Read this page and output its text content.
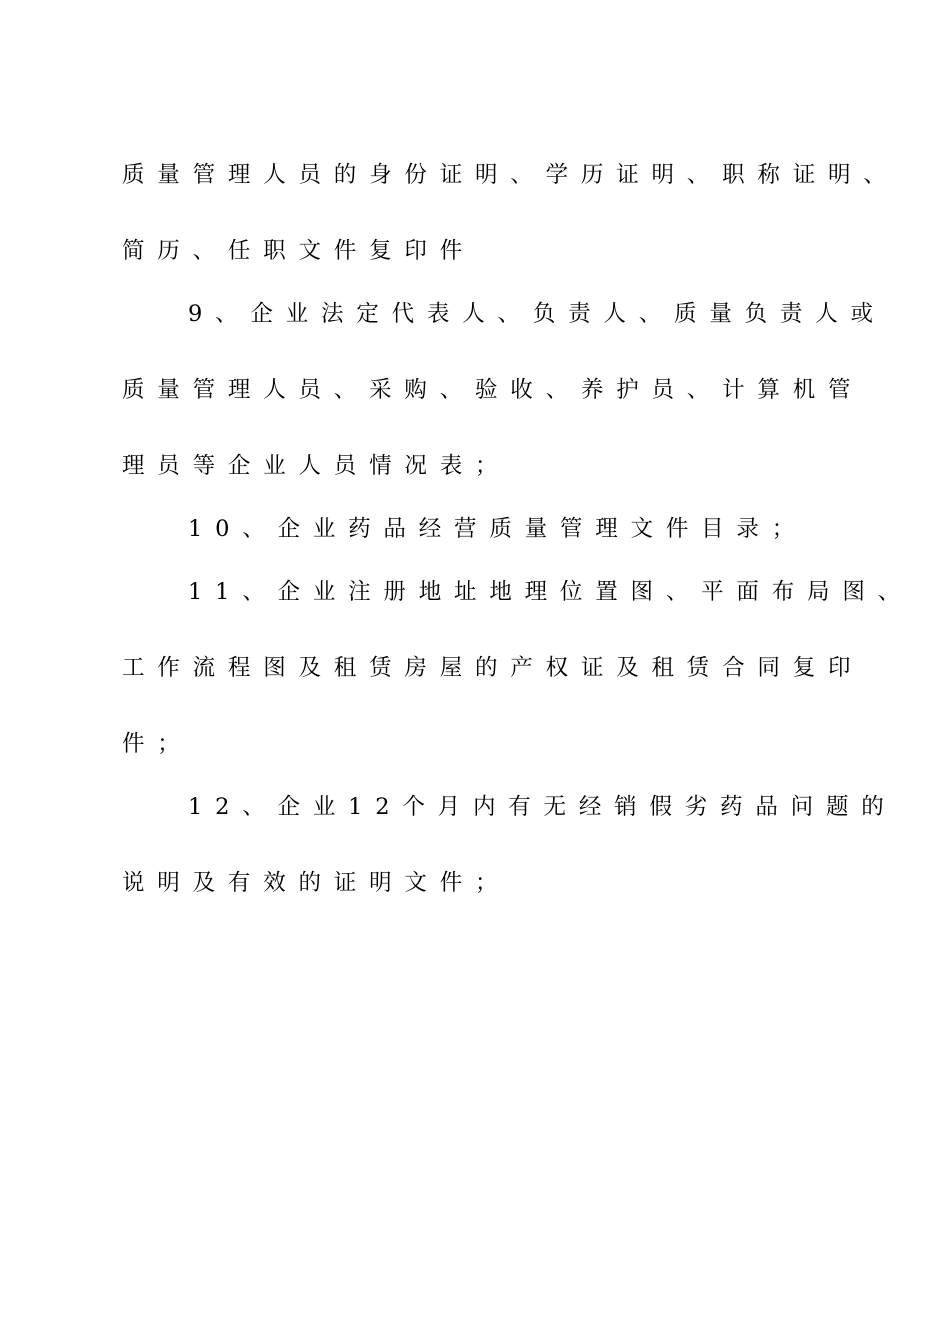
质量管理人员的身份证明、学历证明、职称证明、
简历、任职文件复印件
9、企业法定代表人、负责人、质量负责人或
质量管理人员、采购、验收、养护员、计算机管
理员等企业人员情况表；
10、企业药品经营质量管理文件目录；
11、企业注册地址地理位置图、平面布局图、
工作流程图及租赁房屋的产权证及租赁合同复印
件；
12、企业12个月内有无经销假劣药品问题的
说明及有效的证明文件；
